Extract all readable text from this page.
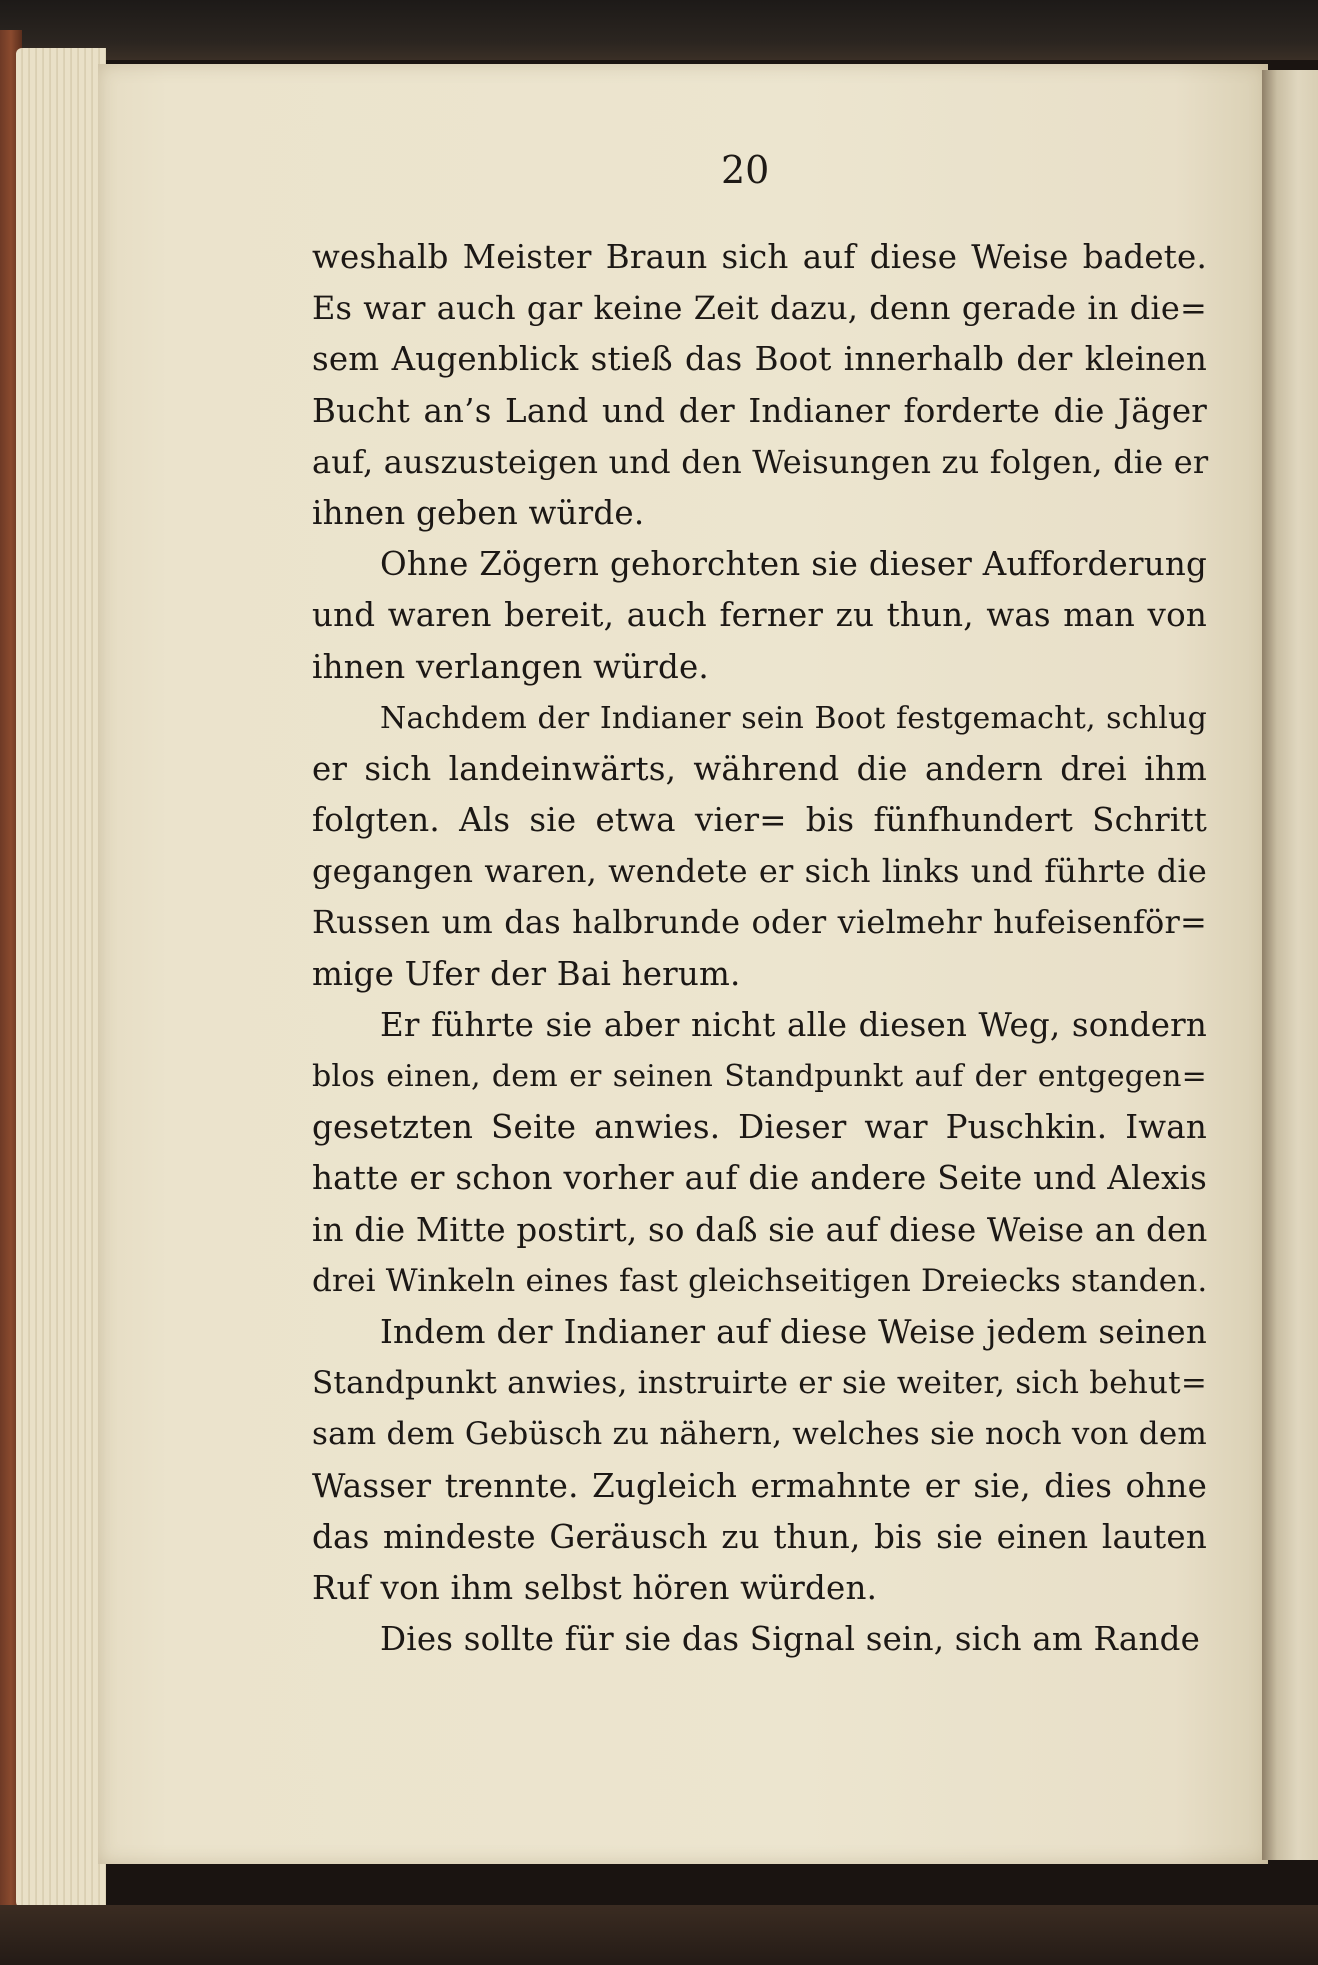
20
weshalb Meister Braun sich auf diese Weise badete.
Es war auch gar keine Zeit dazu, denn gerade in die=
sem Augenblick stieß das Boot innerhalb der kleinen
Bucht an’s Land und der Indianer forderte die Jäger
auf, auszusteigen und den Weisungen zu folgen, die er
ihnen geben würde.
Ohne Zögern gehorchten sie dieser Aufforderung
und waren bereit, auch ferner zu thun, was man von
ihnen verlangen würde.
Nachdem der Indianer sein Boot festgemacht, schlug
er sich landeinwärts, während die andern drei ihm
folgten. Als sie etwa vier= bis fünfhundert Schritt
gegangen waren, wendete er sich links und führte die
Russen um das halbrunde oder vielmehr hufeisenför=
mige Ufer der Bai herum.
Er führte sie aber nicht alle diesen Weg, sondern
blos einen, dem er seinen Standpunkt auf der entgegen=
gesetzten Seite anwies. Dieser war Puschkin. Iwan
hatte er schon vorher auf die andere Seite und Alexis
in die Mitte postirt, so daß sie auf diese Weise an den
drei Winkeln eines fast gleichseitigen Dreiecks standen.
Indem der Indianer auf diese Weise jedem seinen
Standpunkt anwies, instruirte er sie weiter, sich behut=
sam dem Gebüsch zu nähern, welches sie noch von dem
Wasser trennte. Zugleich ermahnte er sie, dies ohne
das mindeste Geräusch zu thun, bis sie einen lauten
Ruf von ihm selbst hören würden.
Dies sollte für sie das Signal sein, sich am Rande
